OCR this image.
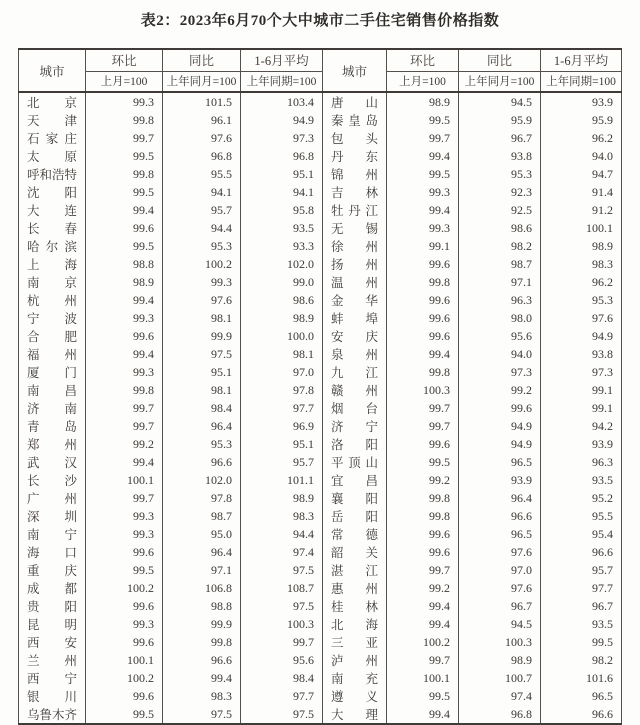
表2：2023年6月70个大中城市二手住宅销售价格指数
城市	环比	同比	1-6月平均	城市	环比	同比	1-6月平均
	上月=100	上年同月=100	上年同期=100		上月=100	上年同月=100	上年同期=100

北 京	99.3	101.5	103.4	唐 山	98.9	94.5	93.9

天 津	99.8	96.1	94.9	秦 皇 岛	99.5	95.9	95.9

石 家 庄	99.7	97.6	97.3	包 头	99.7	96.7	96.2

太 原	99.5	96.8	96.8	丹 东	99.4	93.8	94.0

呼 和 浩 特	99.8	95.5	95.1	锦 州	99.5	95.3	94.7

沈 阳	99.5	94.1	94.1	吉 林	99.3	92.3	91.4

大 连	99.4	95.7	95.8	牡 丹 江	99.4	92.5	91.2

长 春	99.6	94.4	93.5	无 锡	99.3	98.6	100.1

哈 尔 滨	99.5	95.3	93.3	徐 州	99.1	98.2	98.9

上 海	98.8	100.2	102.0	扬 州	99.6	98.7	98.3

南 京	98.9	99.3	99.0	温 州	99.8	97.1	96.2

杭 州	99.4	97.6	98.6	金 华	99.6	96.3	95.3

宁 波	99.3	98.1	98.9	蚌 埠	99.6	98.0	97.6

合 肥	99.6	99.9	100.0	安 庆	99.6	95.6	94.9

福 州	99.4	97.5	98.1	泉 州	99.4	94.0	93.8

厦 门	99.3	95.1	97.0	九 江	99.8	97.3	97.3

南 昌	99.8	98.1	97.8	赣 州	100.3	99.2	99.1

济 南	99.7	98.4	97.7	烟 台	99.7	99.6	99.1

青 岛	99.7	96.4	96.9	济 宁	99.7	94.9	94.2

郑 州	99.2	95.3	95.1	洛 阳	99.6	94.9	93.9

武 汉	99.4	96.6	95.7	平 顶 山	99.5	96.5	96.3

长 沙	100.1	102.0	101.1	宜 昌	99.2	93.9	93.5

广 州	99.7	97.8	98.9	襄 阳	99.8	96.4	95.2

深 圳	99.3	98.7	98.3	岳 阳	99.8	96.6	95.5

南 宁	99.3	95.0	94.4	常 德	99.6	96.5	95.4

海 口	99.6	96.4	97.4	韶 关	99.6	97.6	96.6

重 庆	99.5	97.1	97.5	湛 江	99.7	97.0	95.7

成 都	100.2	106.8	108.7	惠 州	99.2	97.6	97.7

贵 阳	99.6	98.8	97.5	桂 林	99.4	96.7	96.7

昆 明	99.3	99.9	100.3	北 海	99.4	94.5	93.5

西 安	99.6	99.8	99.7	三 亚	100.2	100.3	99.5

兰 州	100.1	96.6	95.6	泸 州	99.7	98.9	98.2

西 宁	100.2	99.4	98.4	南 充	100.1	100.7	101.6

银 川	99.6	98.3	97.7	遵 义	99.5	97.4	96.5

乌 鲁 木 齐	99.5	97.5	97.5	大 理	99.4	96.8	96.6
